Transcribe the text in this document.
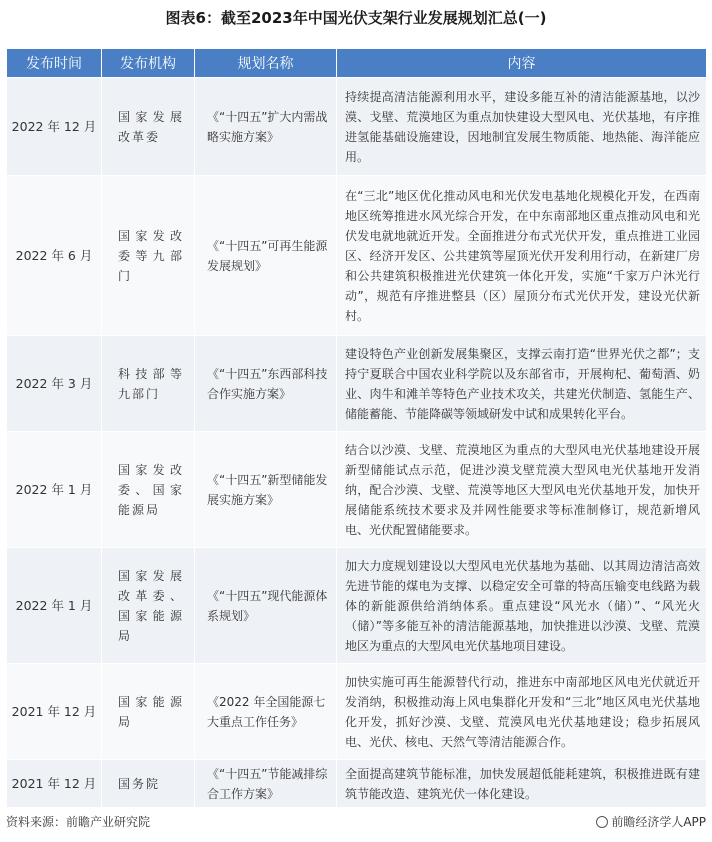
图表6：截至2023年中国光伏支架行业发展规划汇总(一)
发布时间	发布机构	规划名称	内容
2022 年 12 月	国家发展改革委	《“十四五”扩大内需战略实施方案》	持续提高清洁能源利用水平，建设多能互补的清洁能源基地，以沙漠、戈壁、荒漠地区为重点加快建设大型风电、光伏基地，有序推进氢能基础设施建设，因地制宜发展生物质能、地热能、海洋能应用。
2022 年 6 月	国家发改委等九部门	《“十四五”可再生能源发展规划》	在“三北”地区优化推动风电和光伏发电基地化规模化开发，在西南地区统筹推进水风光综合开发，在中东南部地区重点推动风电和光伏发电就地就近开发。全面推进分布式光伏开发，重点推进工业园区、经济开发区、公共建筑等屋顶光伏开发利用行动，在新建厂房和公共建筑积极推进光伏建筑一体化开发，实施“千家万户沐光行动”，规范有序推进整县（区）屋顶分布式光伏开发，建设光伏新村。
2022 年 3 月	科技部等九部门	《“十四五”东西部科技合作实施方案》	建设特色产业创新发展集聚区，支撑云南打造“世界光伏之都”；支持宁夏联合中国农业科学院以及东部省市，开展枸杞、葡萄酒、奶业、肉牛和滩羊等特色产业技术攻关，共建光伏制造、氢能生产、储能蓄能、节能降碳等领域研发中试和成果转化平台。
2022 年 1 月	国家发改委、国家能源局	《“十四五”新型储能发展实施方案》	结合以沙漠、戈壁、荒漠地区为重点的大型风电光伏基地建设开展新型储能试点示范，促进沙漠戈壁荒漠大型风电光伏基地开发消纳，配合沙漠、戈壁、荒漠等地区大型风电光伏基地开发，加快开展储能系统技术要求及并网性能要求等标准制修订，规范新增风电、光伏配置储能要求。
2022 年 1 月	国家发展改革委、国家能源局	《“十四五”现代能源体系规划》	加大力度规划建设以大型风电光伏基地为基础、以其周边清洁高效先进节能的煤电为支撑、以稳定安全可靠的特高压输变电线路为载体的新能源供给消纳体系。重点建设“风光水（储）”、“风光火（储）”等多能互补的清洁能源基地，加快推进以沙漠、戈壁、荒漠地区为重点的大型风电光伏基地项目建设。
2021 年 12 月	国家能源局	《2022 年全国能源七大重点工作任务》	加快实施可再生能源替代行动，推进东中南部地区风电光伏就近开发消纳，积极推动海上风电集群化开发和“三北”地区风电光伏基地化开发，抓好沙漠、戈壁、荒漠风电光伏基地建设；稳步拓展风电、光伏、核电、天然气等清洁能源合作。
2021 年 12 月	国务院	《“十四五”节能减排综合工作方案》	全面提高建筑节能标准，加快发展超低能耗建筑，积极推进既有建筑节能改造、建筑光伏一体化建设。
资料来源：前瞻产业研究院	前瞻经济学人APP
